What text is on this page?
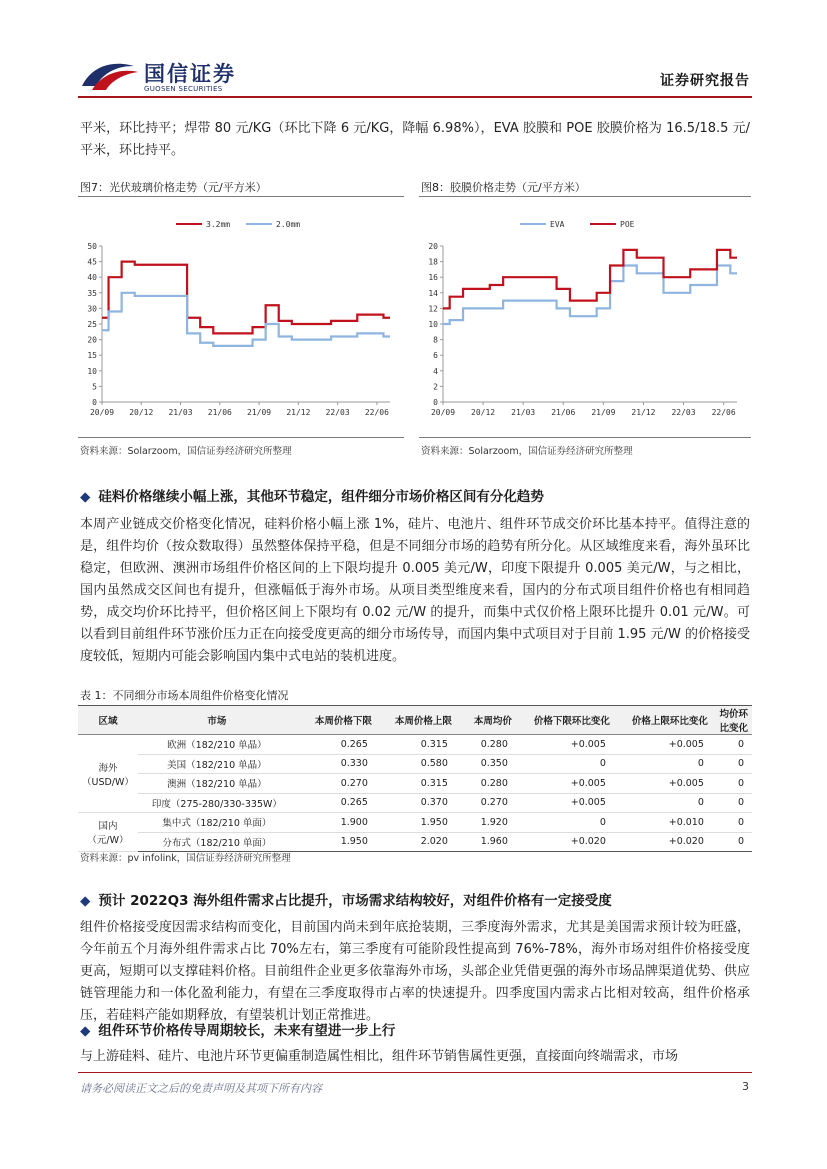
国信证券
GUOSEN SECURITIES	证券研究报告
平米，环比持平；焊带 80 元/KG（环比下降 6 元/KG，降幅 6.98%），EVA 胶膜和 POE 胶膜价格为 16.5/18.5 元/平米，环比持平。
图7：光伏玻璃价格走势（元/平方米）
3.2mm	2.0mm
0
5
10
15
20
25
30
35
40
45
50
20/09 20/12 21/03 21/06 21/09 21/12 22/03 22/06
资料来源：Solarzoom，国信证券经济研究所整理
图8：胶膜价格走势（元/平方米）
EVA	POE
0
2
4
6
8
10
12
14
16
18
20
20/09 20/12 21/03 21/06 21/09 21/12 22/03 22/06
资料来源：Solarzoom，国信证券经济研究所整理
◆ 硅料价格继续小幅上涨，其他环节稳定，组件细分市场价格区间有分化趋势
本周产业链成交价格变化情况，硅料价格小幅上涨 1%，硅片、电池片、组件环节成交价环比基本持平。值得注意的是，组件均价（按众数取得）虽然整体保持平稳，但是不同细分市场的趋势有所分化。从区域维度来看，海外虽环比稳定，但欧洲、澳洲市场组件价格区间的上下限均提升 0.005 美元/W，印度下限提升 0.005 美元/W，与之相比，国内虽然成交区间也有提升，但涨幅低于海外市场。从项目类型维度来看，国内的分布式项目组件价格也有相同趋势，成交均价环比持平，但价格区间上下限均有 0.02 元/W 的提升，而集中式仅价格上限环比提升 0.01 元/W。可以看到目前组件环节涨价压力正在向接受度更高的细分市场传导，而国内集中式项目对于目前 1.95 元/W 的价格接受度较低，短期内可能会影响国内集中式电站的装机进度。
表 1：不同细分市场本周组件价格变化情况
区域	市场	本周价格下限	本周价格上限	本周均价	价格下限环比变化	价格上限环比变化	均价环比变化

海外
（USD/W）	欧洲（182/210 单晶）	0.265	0.315	0.280	+0.005	+0.005	0
	美国（182/210 单晶）	0.330	0.580	0.350	0	0	0
	澳洲（182/210 单晶）	0.270	0.315	0.280	+0.005	+0.005	0
	印度（275-280/330-335W）	0.265	0.370	0.270	+0.005	0	0

国内
（元/W）	集中式（182/210 单面）	1.900	1.950	1.920	0	+0.010	0
	分布式（182/210 单面）	1.950	2.020	1.960	+0.020	+0.020	0
资料来源：pv infolink，国信证券经济研究所整理
◆ 预计 2022Q3 海外组件需求占比提升，市场需求结构较好，对组件价格有一定接受度
组件价格接受度因需求结构而变化，目前国内尚未到年底抢装期，三季度海外需求，尤其是美国需求预计较为旺盛，今年前五个月海外组件需求占比 70%左右，第三季度有可能阶段性提高到 76%-78%，海外市场对组件价格接受度更高，短期可以支撑硅料价格。目前组件企业更多依靠海外市场，头部企业凭借更强的海外市场品牌渠道优势、供应链管理能力和一体化盈利能力，有望在三季度取得市占率的快速提升。四季度国内需求占比相对较高，组件价格承压，若硅料产能如期释放，有望装机计划正常推进。
◆ 组件环节价格传导周期较长，未来有望进一步上行
与上游硅料、硅片、电池片环节更偏重制造属性相比，组件环节销售属性更强，直接面向终端需求，市场
请务必阅读正文之后的免责声明及其项下所有内容	3
